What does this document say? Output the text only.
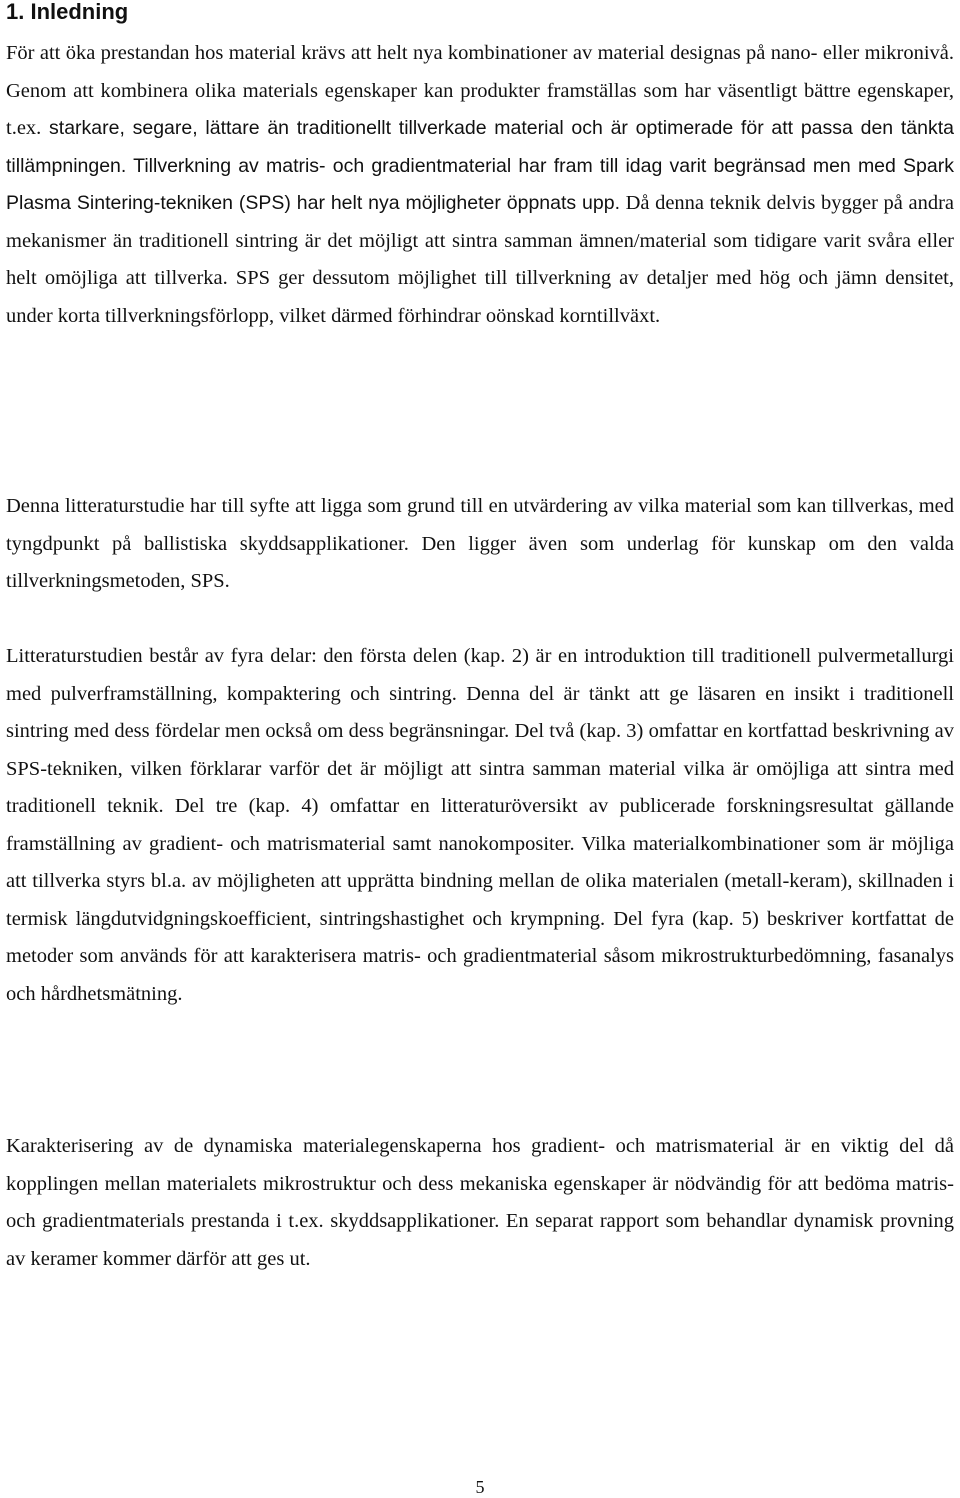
1. Inledning

För att öka prestandan hos material krävs att helt nya kombinationer av material designas på nano- eller mikronivå. Genom att kombinera olika materials egenskaper kan produkter framställas som har väsentligt bättre egenskaper, t.ex. starkare, segare, lättare än traditionellt tillverkade material och är optimerade för att passa den tänkta tillämpningen. Tillverkning av matris- och gradientmaterial har fram till idag varit begränsad men med Spark Plasma Sintering-tekniken (SPS) har helt nya möjligheter öppnats upp. Då denna teknik delvis bygger på andra mekanismer än traditionell sintring är det möjligt att sintra samman ämnen/material som tidigare varit svåra eller helt omöjliga att tillverka. SPS ger dessutom möjlighet till tillverkning av detaljer med hög och jämn densitet, under korta tillverkningsförlopp, vilket därmed förhindrar oönskad korntillväxt.

Denna litteraturstudie har till syfte att ligga som grund till en utvärdering av vilka material som kan tillverkas, med tyngdpunkt på ballistiska skyddsapplikationer. Den ligger även som underlag för kunskap om den valda tillverkningsmetoden, SPS.

Litteraturstudien består av fyra delar: den första delen (kap. 2) är en introduktion till traditionell pulvermetallurgi med pulverframställning, kompaktering och sintring. Denna del är tänkt att ge läsaren en insikt i traditionell sintring med dess fördelar men också om dess begränsningar. Del två (kap. 3) omfattar en kortfattad beskrivning av SPS-tekniken, vilken förklarar varför det är möjligt att sintra samman material vilka är omöjliga att sintra med traditionell teknik. Del tre (kap. 4) omfattar en litteraturöversikt av publicerade forskningsresultat gällande framställning av gradient- och matrismaterial samt nanokompositer. Vilka materialkombinationer som är möjliga att tillverka styrs bl.a. av möjligheten att upprätta bindning mellan de olika materialen (metall-keram), skillnaden i termisk längdutvidgningskoefficient, sintringshastighet och krympning. Del fyra (kap. 5) beskriver kortfattat de metoder som används för att karakterisera matris- och gradientmaterial såsom mikrostrukturbedömning, fasanalys och hårdhetsmätning.

Karakterisering av de dynamiska materialegenskaperna hos gradient- och matrismaterial är en viktig del då kopplingen mellan materialets mikrostruktur och dess mekaniska egenskaper är nödvändig för att bedöma matris- och gradientmaterials prestanda i t.ex. skyddsapplikationer. En separat rapport som behandlar dynamisk provning av keramer kommer därför att ges ut.

5
